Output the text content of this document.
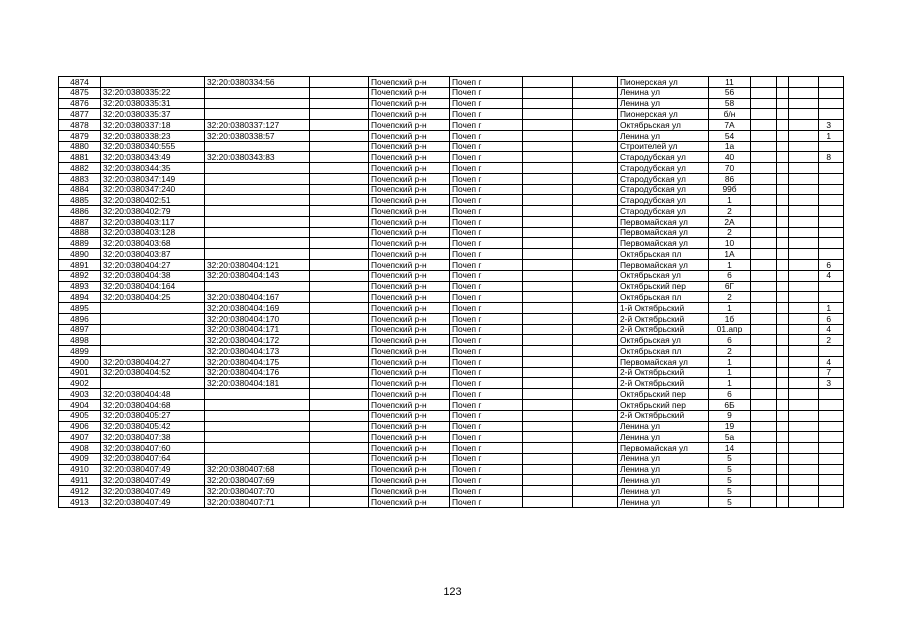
4874		32:20:0380334:56		Почепский р-н	Почеп г			Пионерская ул	11				
4875	32:20:0380335:22			Почепский р-н	Почеп г			Ленина ул	56				
4876	32:20:0380335:31			Почепский р-н	Почеп г			Ленина ул	58				
4877	32:20:0380335:37			Почепский р-н	Почеп г			Пионерская ул	б/н				
4878	32:20:0380337:18	32:20:0380337:127		Почепский р-н	Почеп г			Октябрьская ул	7А				3
4879	32:20:0380338:23	32:20:0380338:57		Почепский р-н	Почеп г			Ленина ул	54				1
4880	32:20:0380340:555			Почепский р-н	Почеп г			Строителей ул	1а				
4881	32:20:0380343:49	32:20:0380343:83		Почепский р-н	Почеп г			Стародубская ул	40				8
4882	32:20:0380344:35			Почепский р-н	Почеп г			Стародубская ул	70				
4883	32:20:0380347:149			Почепский р-н	Почеп г			Стародубская ул	86				
4884	32:20:0380347:240			Почепский р-н	Почеп г			Стародубская ул	99б				
4885	32:20:0380402:51			Почепский р-н	Почеп г			Стародубская ул	1				
4886	32:20:0380402:79			Почепский р-н	Почеп г			Стародубская ул	2				
4887	32:20:0380403:117			Почепский р-н	Почеп г			Первомайская ул	2А				
4888	32:20:0380403:128			Почепский р-н	Почеп г			Первомайская ул	2				
4889	32:20:0380403:68			Почепский р-н	Почеп г			Первомайская ул	10				
4890	32:20:0380403:87			Почепский р-н	Почеп г			Октябрьская пл	1А				
4891	32:20:0380404:27	32:20:0380404:121		Почепский р-н	Почеп г			Первомайская ул	1				6
4892	32:20:0380404:38	32:20:0380404:143		Почепский р-н	Почеп г			Октябрьская ул	6				4
4893	32:20:0380404:164			Почепский р-н	Почеп г			Октябрьский пер	6Г				
4894	32:20:0380404:25	32:20:0380404:167		Почепский р-н	Почеп г			Октябрьская пл	2				
4895		32:20:0380404:169		Почепский р-н	Почеп г			1-й Октябрьский	1				1
4896		32:20:0380404:170		Почепский р-н	Почеп г			2-й Октябрьский	1б				6
4897		32:20:0380404:171		Почепский р-н	Почеп г			2-й Октябрьский	01.апр				4
4898		32:20:0380404:172		Почепский р-н	Почеп г			Октябрьская ул	6				2
4899		32:20:0380404:173		Почепский р-н	Почеп г			Октябрьская пл	2				
4900	32:20:0380404:27	32:20:0380404:175		Почепский р-н	Почеп г			Первомайская ул	1				4
4901	32:20:0380404:52	32:20:0380404:176		Почепский р-н	Почеп г			2-й Октябрьский	1				7
4902		32:20:0380404:181		Почепский р-н	Почеп г			2-й Октябрьский	1				3
4903	32:20:0380404:48			Почепский р-н	Почеп г			Октябрьский пер	6				
4904	32:20:0380404:68			Почепский р-н	Почеп г			Октябрьский пер	6Б				
4905	32:20:0380405:27			Почепский р-н	Почеп г			2-й Октябрьский	9				
4906	32:20:0380405:42			Почепский р-н	Почеп г			Ленина ул	19				
4907	32:20:0380407:38			Почепский р-н	Почеп г			Ленина ул	5а				
4908	32:20:0380407:60			Почепский р-н	Почеп г			Первомайская ул	14				
4909	32:20:0380407:64			Почепский р-н	Почеп г			Ленина ул	5				
4910	32:20:0380407:49	32:20:0380407:68		Почепский р-н	Почеп г			Ленина ул	5				
4911	32:20:0380407:49	32:20:0380407:69		Почепский р-н	Почеп г			Ленина ул	5				
4912	32:20:0380407:49	32:20:0380407:70		Почепский р-н	Почеп г			Ленина ул	5				
4913	32:20:0380407:49	32:20:0380407:71		Почепский р-н	Почеп г			Ленина ул	5				
123
